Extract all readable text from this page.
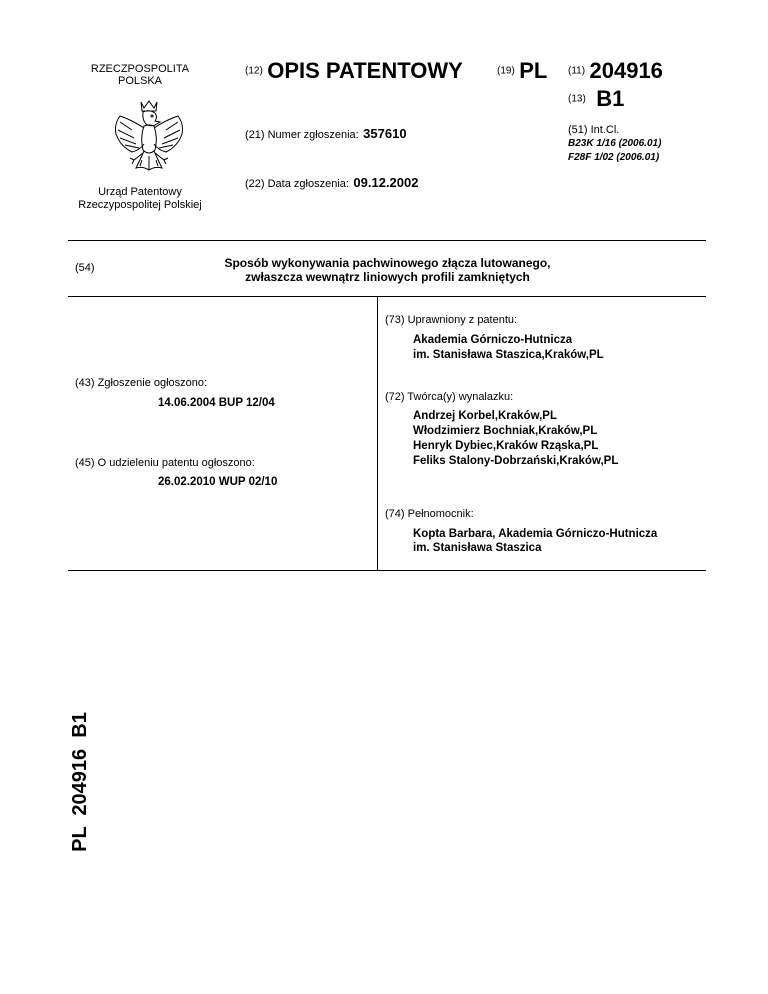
RZECZPOSPOLITA
POLSKA
Urząd Patentowy
Rzeczypospolitej Polskiej
(12) OPIS PATENTOWY	(19) PL (11) 204916
(13) B1
(21) Numer zgłoszenia: 357610	(51) Int.Cl.
B23K 1/16 (2006.01)
F28F 1/02 (2006.01)
(22) Data zgłoszenia: 09.12.2002
(54)	Sposób wykonywania pachwinowego złącza lutowanego,
zwłaszcza wewnątrz liniowych profili zamkniętych
(43) Zgłoszenie ogłoszono:
14.06.2004 BUP 12/04
(45) O udzieleniu patentu ogłoszono:
26.02.2010 WUP 02/10
(73) Uprawniony z patentu:
Akademia Górniczo-Hutnicza
im. Stanisława Staszica,Kraków,PL
(72) Twórca(y) wynalazku:
Andrzej Korbel,Kraków,PL
Włodzimierz Bochniak,Kraków,PL
Henryk Dybiec,Kraków Rząska,PL
Feliks Stalony-Dobrzański,Kraków,PL
(74) Pełnomocnik:
Kopta Barbara, Akademia Górniczo-Hutnicza
im. Stanisława Staszica
PL  204916  B1
